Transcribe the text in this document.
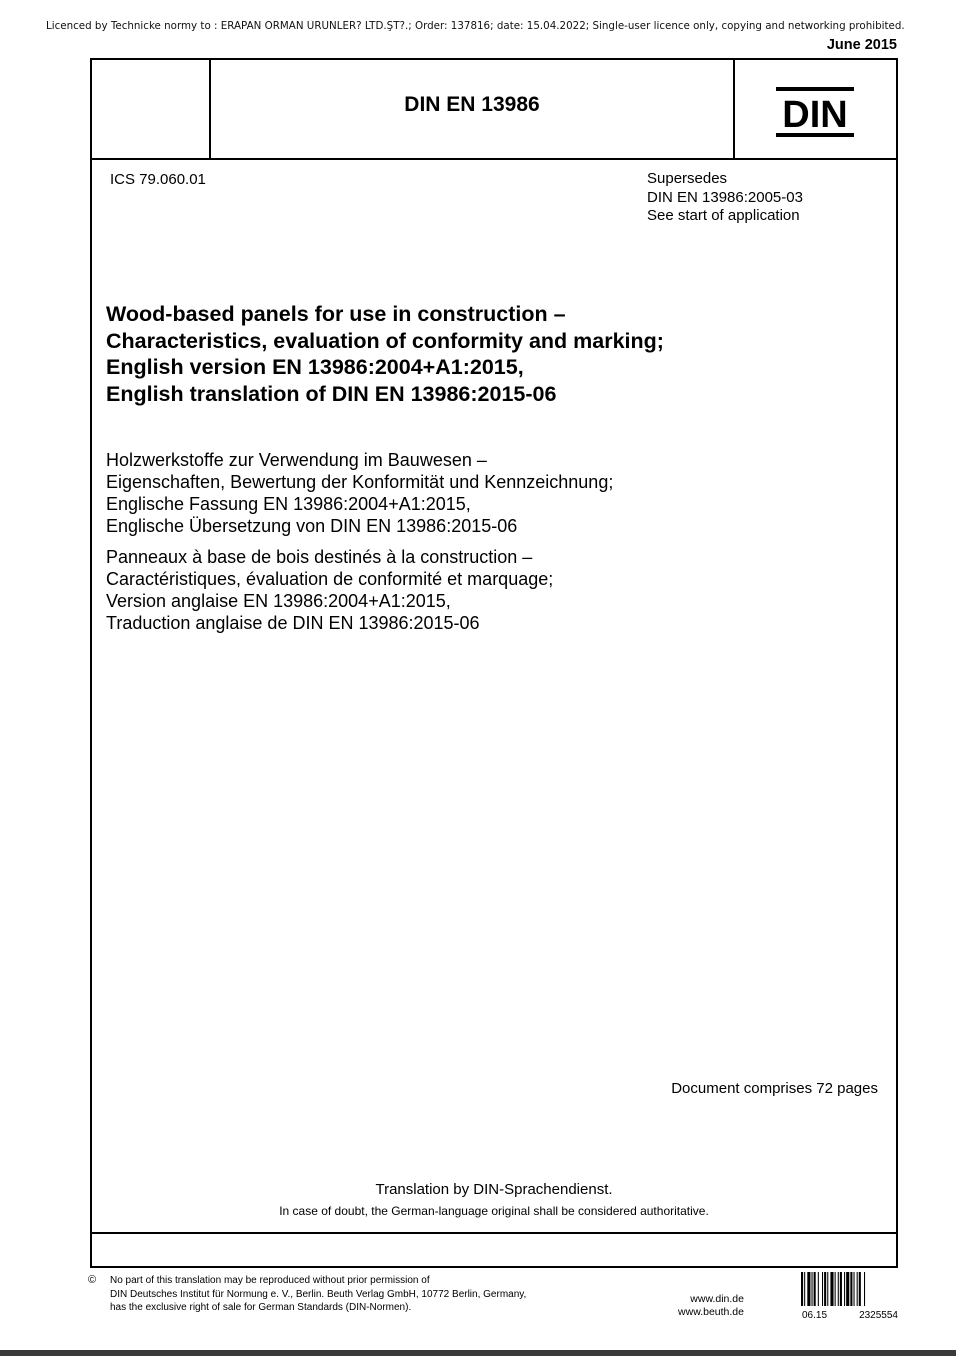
Licenced by Technicke normy to : ERAPAN ORMAN ÜRÜNLER? LTD.ŞT?.; Order: 137816; date: 15.04.2022; Single-user licence only, copying and networking prohibited.
June 2015
DIN EN 13986	DIN
ICS 79.060.01	Supersedes
DIN EN 13986:2005-03
See start of application
Wood-based panels for use in construction –
Characteristics, evaluation of conformity and marking;
English version EN 13986:2004+A1:2015,
English translation of DIN EN 13986:2015-06
Holzwerkstoffe zur Verwendung im Bauwesen –
Eigenschaften, Bewertung der Konformität und Kennzeichnung;
Englische Fassung EN 13986:2004+A1:2015,
Englische Übersetzung von DIN EN 13986:2015-06
Panneaux à base de bois destinés à la construction –
Caractéristiques, évaluation de conformité et marquage;
Version anglaise EN 13986:2004+A1:2015,
Traduction anglaise de DIN EN 13986:2015-06
Document comprises 72 pages
Translation by DIN-Sprachendienst.
In case of doubt, the German-language original shall be considered authoritative.
© No part of this translation may be reproduced without prior permission of
DIN Deutsches Institut für Normung e. V., Berlin. Beuth Verlag GmbH, 10772 Berlin, Germany,
has the exclusive right of sale for German Standards (DIN-Normen).
www.din.de
www.beuth.de	06.15	2325554
